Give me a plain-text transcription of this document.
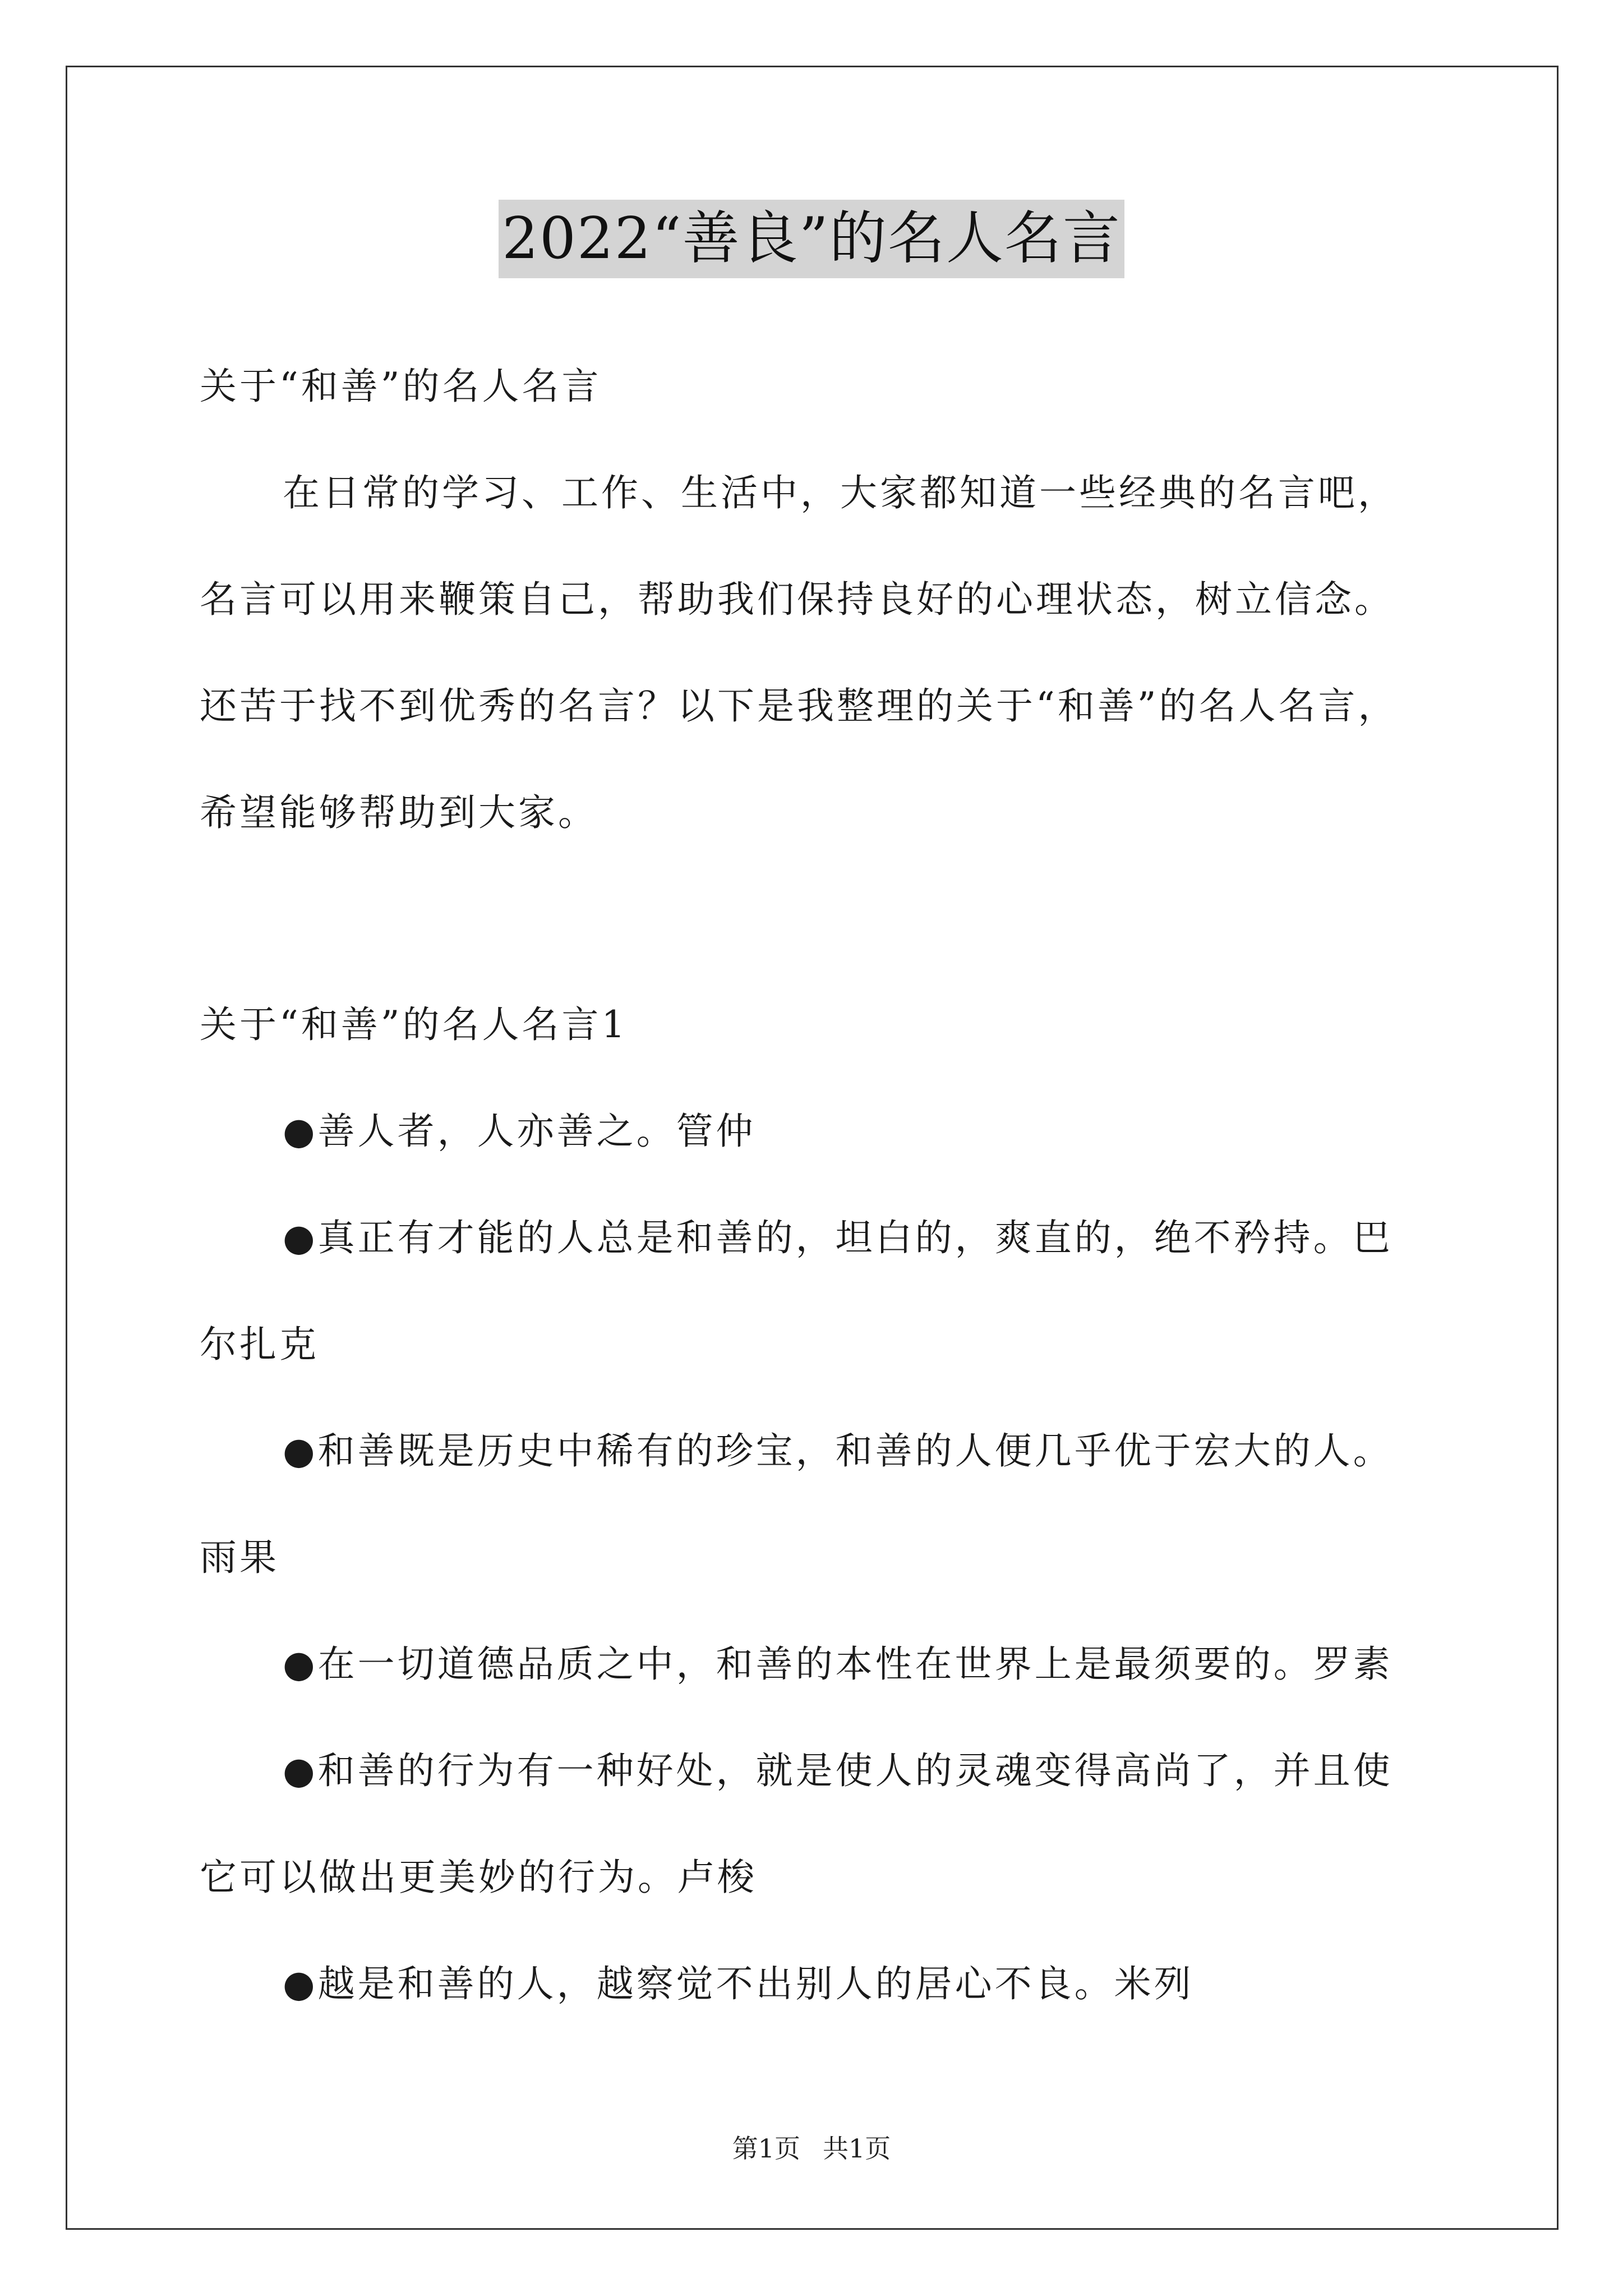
2022“善良”的名人名言
关于“和善”的名人名言
在日常的学习、工作、生活中，大家都知道一些经典的名言吧，
名言可以用来鞭策自己，帮助我们保持良好的心理状态，树立信念。
还苦于找不到优秀的名言？以下是我整理的关于“和善”的名人名言，
希望能够帮助到大家。
关于“和善”的名人名言1
●善人者，人亦善之。管仲
●真正有才能的人总是和善的，坦白的，爽直的，绝不矜持。巴
尔扎克
●和善既是历史中稀有的珍宝，和善的人便几乎优于宏大的人。
雨果
●在一切道德品质之中，和善的本性在世界上是最须要的。罗素
●和善的行为有一种好处，就是使人的灵魂变得高尚了，并且使
它可以做出更美妙的行为。卢梭
●越是和善的人，越察觉不出别人的居心不良。米列
第1页 共1页
